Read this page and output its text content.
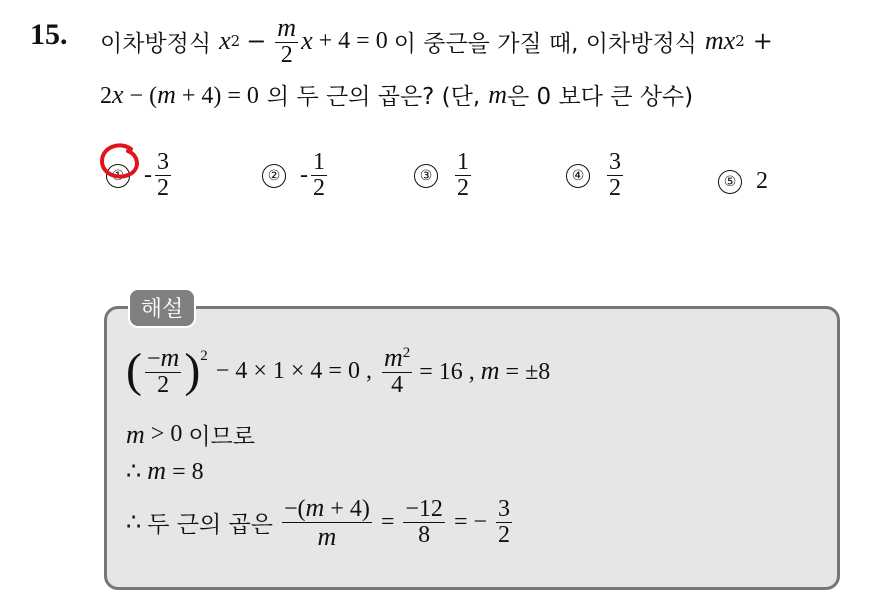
15. 이차방정식 x $2 - \frac{m}{2}$ x + 4 = 0 이 중근을 가질 때, 이차방정식 mx 2 +
2x − (m + 4) = 0 의 두 근의 곱은? (단, m 은 0 보다 큰 상수)
① - $\frac{3}{2}$	② - $\frac{1}{2}$	③ $\frac{1}{2}$	④ $\frac{3}{2}$	⑤ 2
해설
( $\frac{-m}{2} )^2$
− 4 × 1 × 4 = 0 , $\frac{m^2}{4} = 16$ , m = ±8
m > 0 이므로
∴ m = 8
∴ 두 근의 곱은 $\frac{-(m + 4)}{m} = \frac{-12}{8}$ = − $\frac{3}{2}$
